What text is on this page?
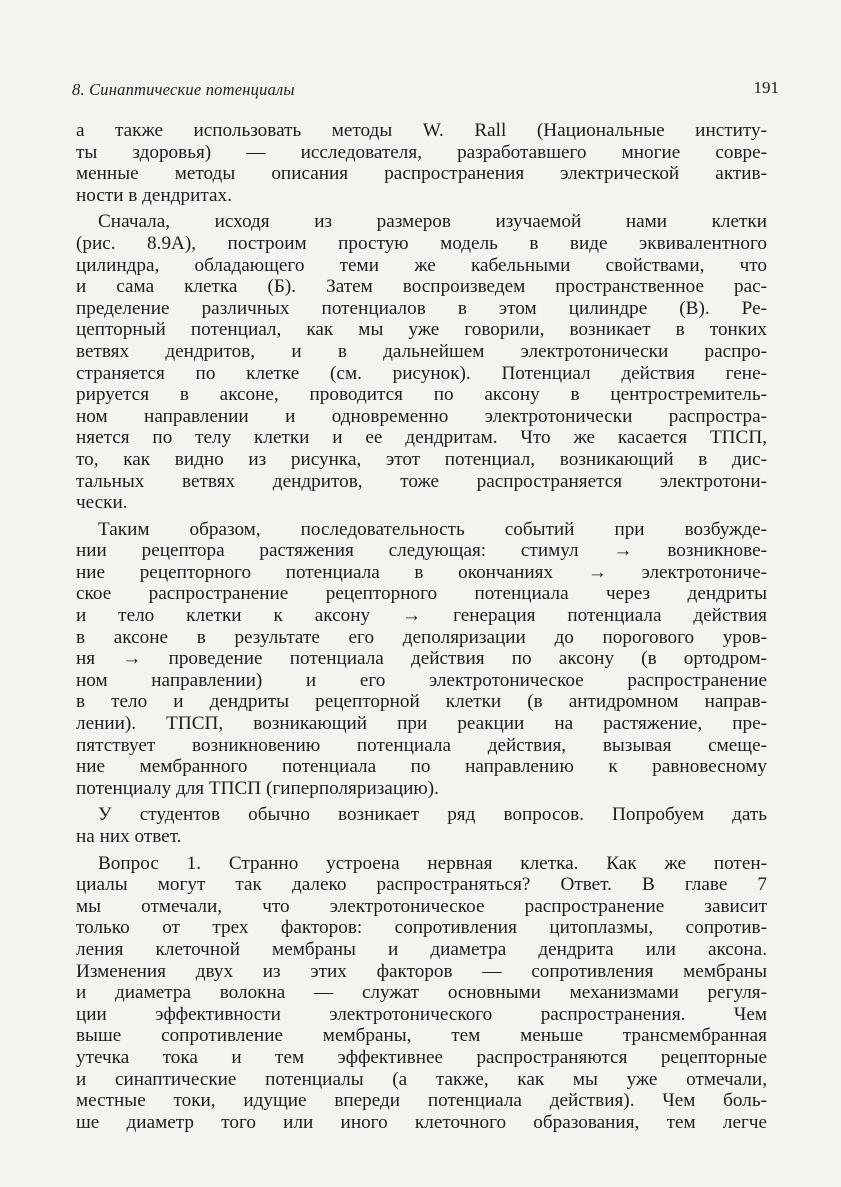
8. Синаптические потенциалы	191

а также использовать методы W. Rall (Национальные институ-
ты здоровья) — исследователя, разработавшего многие совре-
менные методы описания распространения электрической актив-
ности в дендритах.

Сначала, исходя из размеров изучаемой нами клетки
(рис. 8.9А), построим простую модель в виде эквивалентного
цилиндра, обладающего теми же кабельными свойствами, что
и сама клетка (Б). Затем воспроизведем пространственное рас-
пределение различных потенциалов в этом цилиндре (В). Ре-
цепторный потенциал, как мы уже говорили, возникает в тонких
ветвях дендритов, и в дальнейшем электротонически распро-
страняется по клетке (см. рисунок). Потенциал действия гене-
рируется в аксоне, проводится по аксону в центростремитель-
ном направлении и одновременно электротонически распростра-
няется по телу клетки и ее дендритам. Что же касается ТПСП,
то, как видно из рисунка, этот потенциал, возникающий в дис-
тальных ветвях дендритов, тоже распространяется электротони-
чески.

Таким образом, последовательность событий при возбужде-
нии рецептора растяжения следующая: стимул → возникнове-
ние рецепторного потенциала в окончаниях → электротониче-
ское распространение рецепторного потенциала через дендриты
и тело клетки к аксону → генерация потенциала действия
в аксоне в результате его деполяризации до порогового уров-
ня → проведение потенциала действия по аксону (в ортодром-
ном направлении) и его электротоническое распространение
в тело и дендриты рецепторной клетки (в антидромном направ-
лении). ТПСП, возникающий при реакции на растяжение, пре-
пятствует возникновению потенциала действия, вызывая смеще-
ние мембранного потенциала по направлению к равновесному
потенциалу для ТПСП (гиперполяризацию).

У студентов обычно возникает ряд вопросов. Попробуем дать
на них ответ.

Вопрос 1. Странно устроена нервная клетка. Как же потен-
циалы могут так далеко распространяться? Ответ. В главе 7
мы отмечали, что электротоническое распространение зависит
только от трех факторов: сопротивления цитоплазмы, сопротив-
ления клеточной мембраны и диаметра дендрита или аксона.
Изменения двух из этих факторов — сопротивления мембраны
и диаметра волокна — служат основными механизмами регуля-
ции эффективности электротонического распространения. Чем
выше сопротивление мембраны, тем меньше трансмембранная
утечка тока и тем эффективнее распространяются рецепторные
и синаптические потенциалы (а также, как мы уже отмечали,
местные токи, идущие впереди потенциала действия). Чем боль-
ше диаметр того или иного клеточного образования, тем легче
